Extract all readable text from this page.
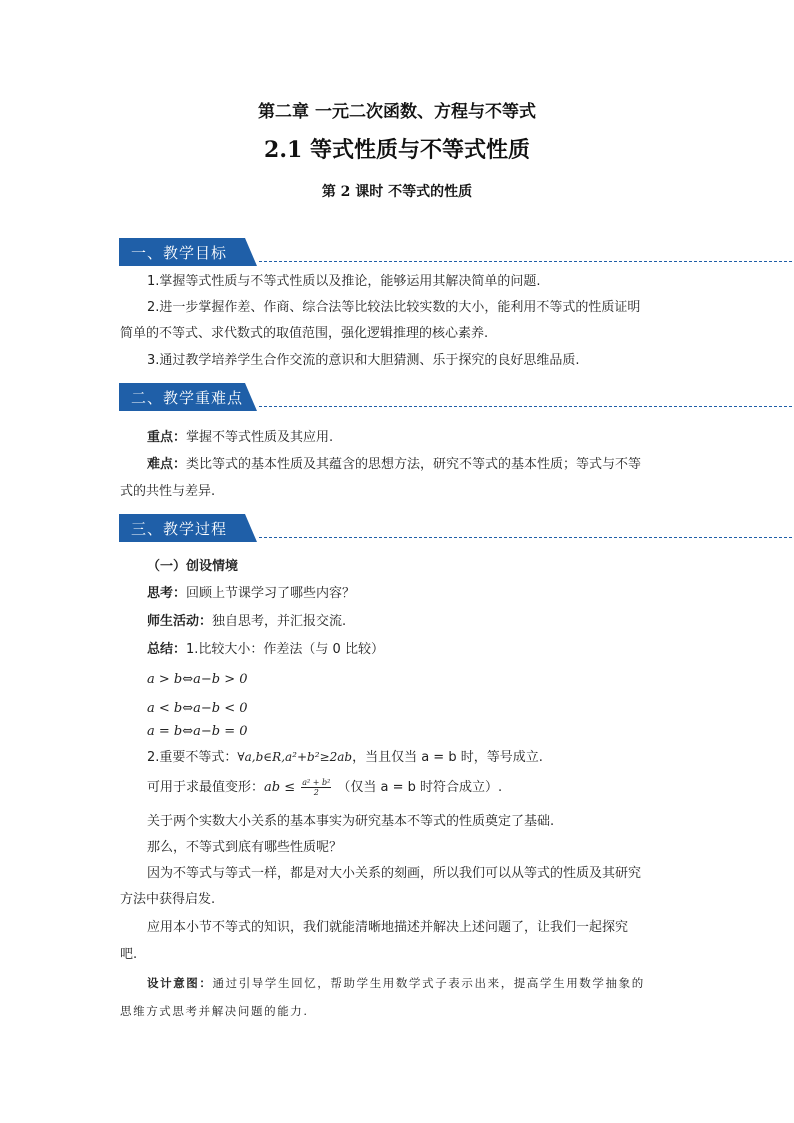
第二章 一元二次函数、方程与不等式
2.1 等式性质与不等式性质
第 2 课时 不等式的性质
一、教学目标
1.掌握等式性质与不等式性质以及推论，能够运用其解决简单的问题.
2.进一步掌握作差、作商、综合法等比较法比较实数的大小，能利用不等式的性质证明
简单的不等式、求代数式的取值范围，强化逻辑推理的核心素养.
3.通过教学培养学生合作交流的意识和大胆猜测、乐于探究的良好思维品质.
二、教学重难点
重点：掌握不等式性质及其应用.
难点：类比等式的基本性质及其蕴含的思想方法，研究不等式的基本性质；等式与不等
式的共性与差异.
三、教学过程
（一）创设情境
思考：回顾上节课学习了哪些内容？
师生活动：独自思考，并汇报交流.
总结：1.比较大小：作差法（与 0 比较）
a > b⇔a−b > 0
a < b⇔a−b < 0
a = b⇔a−b = 0
2.重要不等式：∀a,b∈R,a²+b²≥2ab，当且仅当 a = b 时，等号成立.
可用于求最值变形：ab ≤ $\frac{\text{a² + b²}}{2}$ （仅当 a = b 时符合成立）.
关于两个实数大小关系的基本事实为研究基本不等式的性质奠定了基础.
那么，不等式到底有哪些性质呢？
因为不等式与等式一样，都是对大小关系的刻画，所以我们可以从等式的性质及其研究
方法中获得启发.
应用本小节不等式的知识，我们就能清晰地描述并解决上述问题了，让我们一起探究
吧.
设计意图：通过引导学生回忆，帮助学生用数学式子表示出来，提高学生用数学抽象的
思维方式思考并解决问题的能力.
